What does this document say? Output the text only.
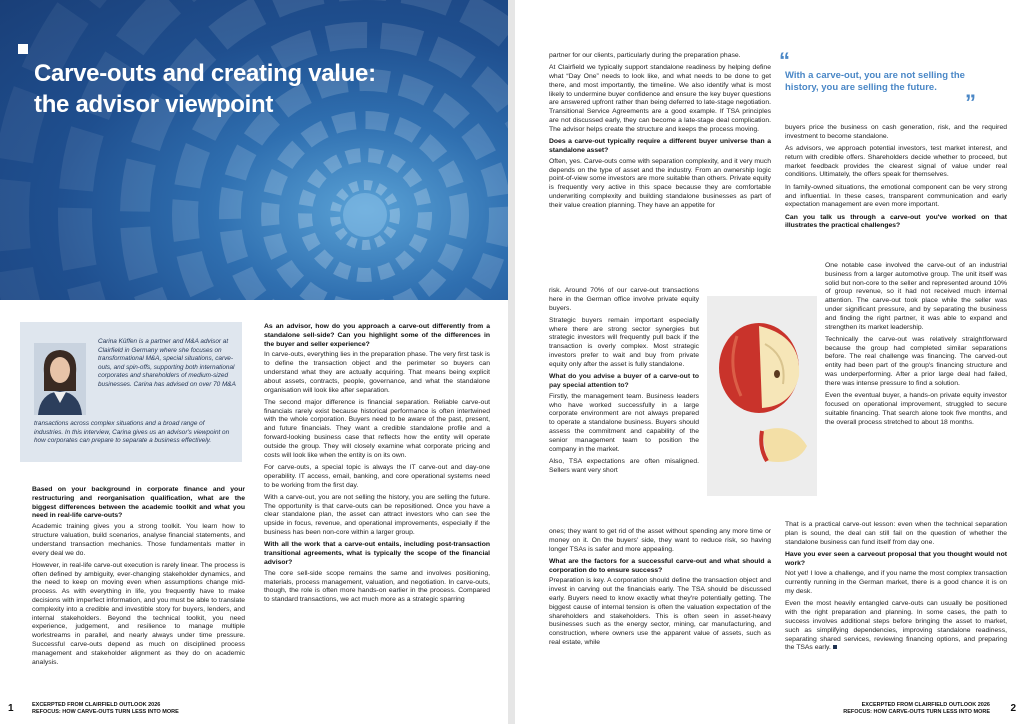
Carve-outs and creating value: the advisor viewpoint
Carina Küffen is a partner and M&A advisor at Clairfield in Germany where she focuses on transformational M&A, special situations, carve-outs, and spin-offs, supporting both international corporates and shareholders of medium-sized businesses. Carina has advised on over 70 M&A
transactions across complex situations and a broad range of industries. In this interview, Carina gives us an advisor's viewpoint on how corporates can prepare to separate a business effectively.

Based on your background in corporate finance and your restructuring and reorganisation qualification, what are the biggest differences between the academic toolkit and what you need in real-life carve-outs?

Academic training gives you a strong toolkit. You learn how to structure valuation, build scenarios, analyse financial statements, and understand transaction mechanics. Those fundamentals matter in every deal we do.

However, in real-life carve-out execution is rarely linear. The process is often defined by ambiguity, ever-changing stakeholder dynamics, and the need to keep on moving even when assumptions change mid-process. As with everything in life, you frequently have to make decisions with imperfect information, and you must be able to translate complexity into a credible and investible story for buyers, lenders, and internal stakeholders. Beyond the technical toolkit, you need experience, judgement, and resilience to manage multiple workstreams in parallel, and nearly always under time pressure. Successful carve-outs depend as much on disciplined process management and stakeholder alignment as they do on academic analysis.

As an advisor, how do you approach a carve-out differently from a standalone sell-side? Can you highlight some of the differences in the buyer and seller experience?

In carve-outs, everything lies in the preparation phase. The very first task is to define the transaction object and the perimeter so buyers can understand what they are actually acquiring. That means being explicit about assets, contracts, people, governance, and what the standalone organisation will look like after separation.

The second major difference is financial separation. Reliable carve-out financials rarely exist because historical performance is often intertwined with the whole corporation. Buyers need to be aware of the past, present, and future financials. They want a credible standalone profile and a forward-looking business case that reflects how the entity will operate outside the group. They will closely examine what corporate pricing and costs will look like when the entity is on its own.

For carve-outs, a special topic is always the IT carve-out and day-one operability. IT access, email, banking, and core operational systems need to be working from the first day.

With a carve-out, you are not selling the history, you are selling the future. The opportunity is that carve-outs can be repositioned. Once you have a clear standalone plan, the asset can attract investors who can see the upside in focus, revenue, and operational improvements, especially if the business has been non-core within a larger group.

With all the work that a carve-out entails, including post-transaction transitional agreements, what is typically the scope of the financial advisor?

The core sell-side scope remains the same and involves positioning, materials, process management, valuation, and negotiation. In carve-outs, though, the role is often more hands-on earlier in the process. Compared to standard transactions, we act much more as a strategic sparring

1	EXCERPTED FROM CLAIRFIELD OUTLOOK 2026
REFOCUS: HOW CARVE-OUTS TURN LESS INTO MORE

partner for our clients, particularly during the preparation phase.

At Clairfield we typically support standalone readiness by helping define what “Day One” needs to look like, and what needs to be done to get there, and most importantly, the timeline. We also identify what is most likely to undermine buyer confidence and ensure the key buyer questions are answered upfront rather than being deferred to late-stage negotiation. Transitional Service Agreements are a good example. If TSA principles are not discussed early, they can become a late-stage deal complication. The advisor helps create the structure and keeps the process moving.

Does a carve-out typically require a different buyer universe than a standalone asset?

Often, yes. Carve-outs come with separation complexity, and it very much depends on the type of asset and the industry. From an ownership logic point-of-view some investors are more suitable than others. Private equity is frequently very active in this space because they are comfortable underwriting complexity and building standalone businesses as part of their value creation planning. They have an appetite for

risk. Around 70% of our carve-out transactions here in the German office involve private equity buyers.

Strategic buyers remain important especially where there are strong sector synergies but strategic investors will frequently pull back if the transaction is overly complex. Most strategic investors prefer to wait and buy from private equity only after the asset is fully standalone.

What do you advise a buyer of a carve-out to pay special attention to?

Firstly, the management team. Business leaders who have worked successfully in a large corporate environment are not always prepared to operate a standalone business. Buyers should assess the commitment and capability of the senior management team to position the company in the market.

Also, TSA expectations are often misaligned. Sellers want very short

ones; they want to get rid of the asset without spending any more time or money on it. On the buyers' side, they want to reduce risk, so having longer TSAs is safer and more appealing.

What are the factors for a successful carve-out and what should a corporation do to ensure success?

Preparation is key. A corporation should define the transaction object and invest in carving out the financials early. The TSA should be discussed early. Buyers need to know exactly what they're potentially getting. The biggest cause of internal tension is often the valuation expectation of the shareholders and stakeholders. This is often seen in asset-heavy businesses such as the energy sector, mining, car manufacturing, and construction, where owners use the apparent value of assets, such as real estate, while

“
With a carve-out, you are not selling the history, you are selling the future.
”

buyers price the business on cash generation, risk, and the required investment to become standalone.

As advisors, we approach potential investors, test market interest, and return with credible offers. Shareholders decide whether to proceed, but market feedback provides the clearest signal of value under real conditions. Ultimately, the offers speak for themselves.

In family-owned situations, the emotional component can be very strong and influential. In these cases, transparent communication and early expectation management are even more important.

Can you talk us through a carve-out you've worked on that illustrates the practical challenges?

One notable case involved the carve-out of an industrial business from a larger automotive group. The unit itself was solid but non-core to the seller and represented around 10% of group revenue, so it had not received much internal attention. The carve-out took place while the seller was under significant pressure, and by separating the business and finding the right partner, it was able to expand and strengthen its market leadership.

Technically the carve-out was relatively straightforward because the group had completed similar separations before. The real challenge was financing. The carved-out entity had been part of the group's financing structure and was underperforming. After a prior large deal had failed, there was intense pressure to find a solution.

Even the eventual buyer, a hands-on private equity investor focused on operational improvement, struggled to secure suitable financing. That search alone took five months, and the overall process stretched to about 18 months.

That is a practical carve-out lesson: even when the technical separation plan is sound, the deal can still fail on the question of whether the standalone business can fund itself from day one.

Have you ever seen a carveout proposal that you thought would not work?

Not yet! I love a challenge, and if you name the most complex transaction currently running in the German market, there is a good chance it is on my desk.

Even the most heavily entangled carve-outs can usually be positioned with the right preparation and planning. In some cases, the path to success involves additional steps before bringing the asset to market, such as simplifying dependencies, improving standalone readiness, separating shared services, reviewing financing options, and preparing the TSAs early.

EXCERPTED FROM CLAIRFIELD OUTLOOK 2026
REFOCUS: HOW CARVE-OUTS TURN LESS INTO MORE 2
